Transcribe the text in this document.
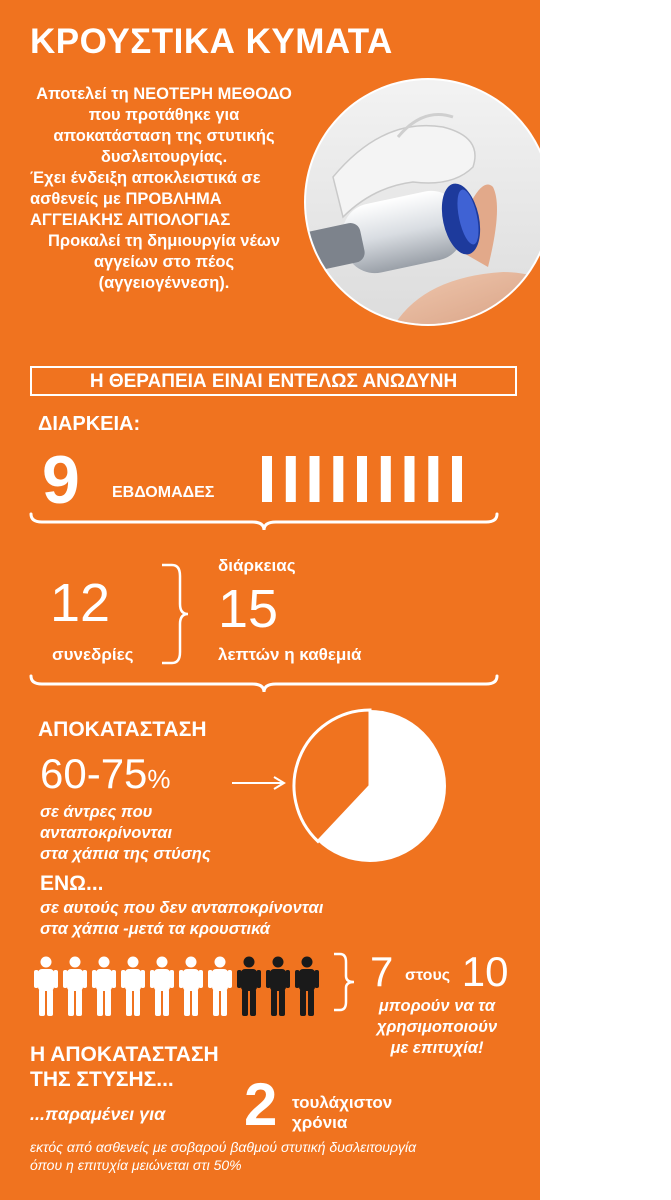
ΚΡΟΥΣΤΙΚΑ ΚΥΜΑΤΑ
Αποτελεί τη ΝΕΟΤΕΡΗ ΜΕΘΟΔΟ που προτάθηκε για αποκατάσταση της στυτικής δυσλειτουργίας.
Έχει ένδειξη αποκλειστικά σε ασθενείς με ΠΡΟΒΛΗΜΑ ΑΓΓΕΙΑΚΗΣ ΑΙΤΙΟΛΟΓΙΑΣ
Προκαλεί τη δημιουργία νέων αγγείων στο πέος (αγγειογέννεση).
Η ΘΕΡΑΠΕΙΑ ΕΙΝΑΙ ΕΝΤΕΛΩΣ ΑΝΩΔΥΝΗ
ΔΙΑΡΚΕΙΑ:
9 ΕΒΔΟΜΑΔΕΣ
12
συνεδρίες
διάρκειας
15
λεπτών η καθεμιά
ΑΠΟΚΑΤΑΣΤΑΣΗ
60-75%
σε άντρες που
ανταποκρίνονται
στα χάπια της στύσης
ΕΝΩ...
σε αυτούς που δεν ανταποκρίνονται
στα χάπια -μετά τα κρουστικά
7 στους 10
μπορούν να τα
χρησιμοποιούν
με επιτυχία!
Η ΑΠΟΚΑΤΑΣΤΑΣΗ
ΤΗΣ ΣΤΥΣΗΣ...
...παραμένει για 2 τουλάχιστον
χρόνια
εκτός από ασθενείς με σοβαρού βαθμού στυτική δυσλειτουργία
όπου η επιτυχία μειώνεται στι 50%
